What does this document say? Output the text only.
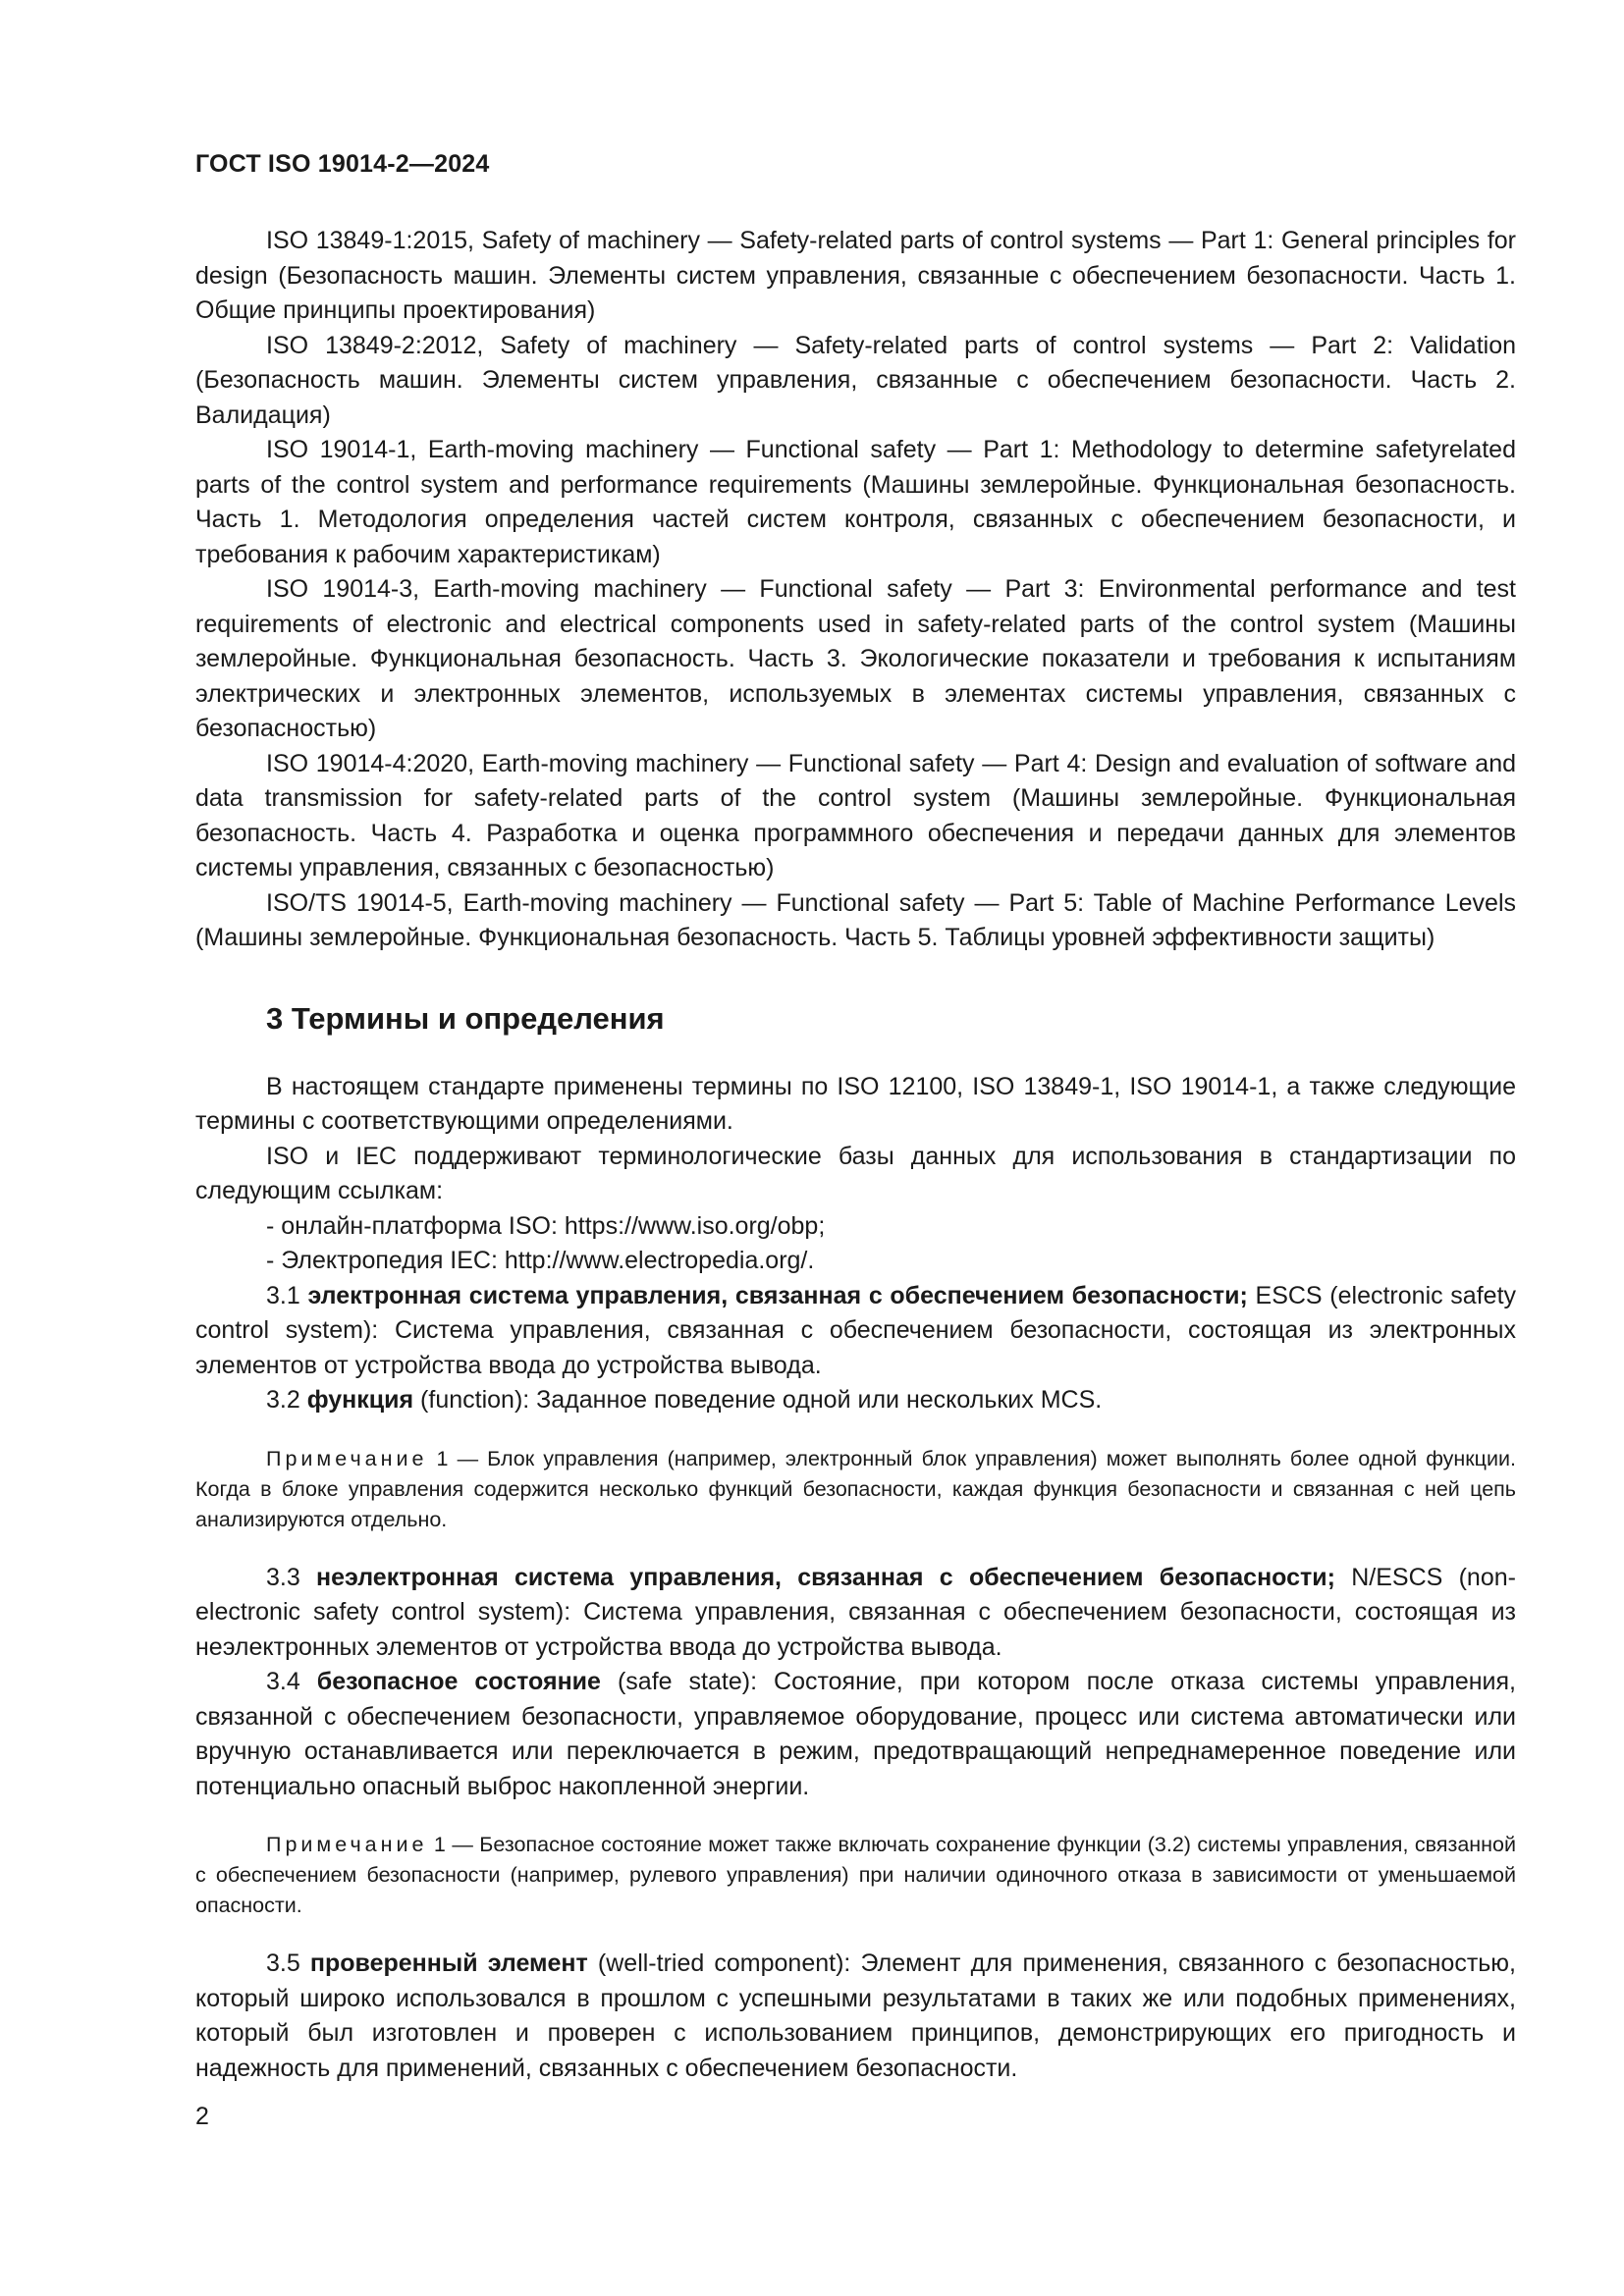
ГОСТ ISO 19014-2—2024

ISO 13849-1:2015, Safety of machinery — Safety-related parts of control systems — Part 1: General principles for design (Безопасность машин. Элементы систем управления, связанные с обеспечением безопасности. Часть 1. Общие принципы проектирования)

ISO 13849-2:2012, Safety of machinery — Safety-related parts of control systems — Part 2: Validation (Безопасность машин. Элементы систем управления, связанные с обеспечением безопасности. Часть 2. Валидация)

ISO 19014-1, Earth-moving machinery — Functional safety — Part 1: Methodology to determine safetyrelated parts of the control system and performance requirements (Машины землеройные. Функциональная безопасность. Часть 1. Методология определения частей систем контроля, связанных с обеспечением безопасности, и требования к рабочим характеристикам)

ISO 19014-3, Earth-moving machinery — Functional safety — Part 3: Environmental performance and test requirements of electronic and electrical components used in safety-related parts of the control system (Машины землеройные. Функциональная безопасность. Часть 3. Экологические показатели и требования к испытаниям электрических и электронных элементов, используемых в элементах системы управления, связанных с безопасностью)

ISO 19014-4:2020, Earth-moving machinery — Functional safety — Part 4: Design and evaluation of software and data transmission for safety-related parts of the control system (Машины землеройные. Функциональная безопасность. Часть 4. Разработка и оценка программного обеспечения и передачи данных для элементов системы управления, связанных с безопасностью)

ISO/TS 19014-5, Earth-moving machinery — Functional safety — Part 5: Table of Machine Performance Levels (Машины землеройные. Функциональная безопасность. Часть 5. Таблицы уровней эффективности защиты)

3 Термины и определения

В настоящем стандарте применены термины по ISO 12100, ISO 13849-1, ISO 19014-1, а также следующие термины с соответствующими определениями.

ISO и IEC поддерживают терминологические базы данных для использования в стандартизации по следующим ссылкам:

- онлайн-платформа ISO: https://www.iso.org/obp;

- Электропедия IEC: http://www.electropedia.org/.

3.1 электронная система управления, связанная с обеспечением безопасности; ESCS (electronic safety control system): Система управления, связанная с обеспечением безопасности, состоящая из электронных элементов от устройства ввода до устройства вывода.

3.2 функция (function): Заданное поведение одной или нескольких MCS.

Примечание 1 — Блок управления (например, электронный блок управления) может выполнять более одной функции. Когда в блоке управления содержится несколько функций безопасности, каждая функция безопасности и связанная с ней цепь анализируются отдельно.

3.3 неэлектронная система управления, связанная с обеспечением безопасности; N/ESCS (non-electronic safety control system): Система управления, связанная с обеспечением безопасности, состоящая из неэлектронных элементов от устройства ввода до устройства вывода.

3.4 безопасное состояние (safe state): Состояние, при котором после отказа системы управления, связанной с обеспечением безопасности, управляемое оборудование, процесс или система автоматически или вручную останавливается или переключается в режим, предотвращающий непреднамеренное поведение или потенциально опасный выброс накопленной энергии.

Примечание 1 — Безопасное состояние может также включать сохранение функции (3.2) системы управления, связанной с обеспечением безопасности (например, рулевого управления) при наличии одиночного отказа в зависимости от уменьшаемой опасности.

3.5 проверенный элемент (well-tried component): Элемент для применения, связанного с безопасностью, который широко использовался в прошлом с успешными результатами в таких же или подобных применениях, который был изготовлен и проверен с использованием принципов, демонстрирующих его пригодность и надежность для применений, связанных с обеспечением безопасности.

2
